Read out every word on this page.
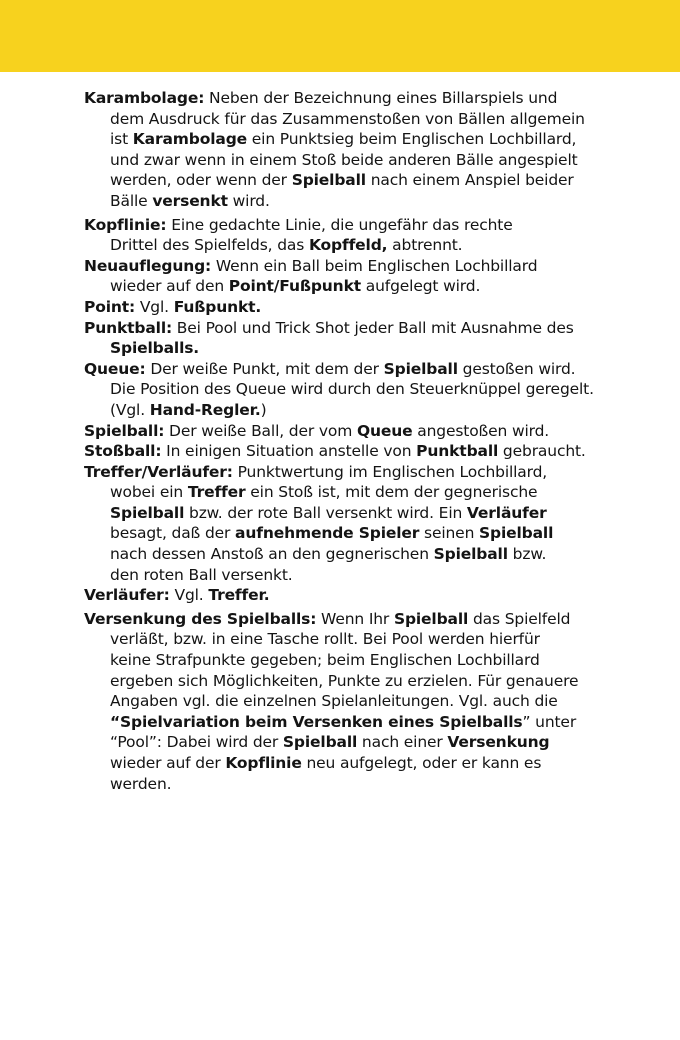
Karambolage: Neben der Bezeichnung eines Billarspiels und
dem Ausdruck für das Zusammenstoßen von Bällen allgemein
ist Karambolage ein Punktsieg beim Englischen Lochbillard,
und zwar wenn in einem Stoß beide anderen Bälle angespielt
werden, oder wenn der Spielball nach einem Anspiel beider
Bälle versenkt wird.

Kopflinie: Eine gedachte Linie, die ungefähr das rechte
Drittel des Spielfelds, das Kopffeld, abtrennt.

Neuauflegung: Wenn ein Ball beim Englischen Lochbillard
wieder auf den Point/Fußpunkt aufgelegt wird.

Point: Vgl. Fußpunkt.

Punktball: Bei Pool und Trick Shot jeder Ball mit Ausnahme des
Spielballs.

Queue: Der weiße Punkt, mit dem der Spielball gestoßen wird.
Die Position des Queue wird durch den Steuerknüppel geregelt.
(Vgl. Hand-Regler.)

Spielball: Der weiße Ball, der vom Queue angestoßen wird.

Stoßball: In einigen Situation anstelle von Punktball gebraucht.

Treffer/Verläufer: Punktwertung im Englischen Lochbillard,
wobei ein Treffer ein Stoß ist, mit dem der gegnerische
Spielball bzw. der rote Ball versenkt wird. Ein Verläufer
besagt, daß der aufnehmende Spieler seinen Spielball
nach dessen Anstoß an den gegnerischen Spielball bzw.
den roten Ball versenkt.

Verläufer: Vgl. Treffer.

Versenkung des Spielballs: Wenn Ihr Spielball das Spielfeld
verläßt, bzw. in eine Tasche rollt. Bei Pool werden hierfür
keine Strafpunkte gegeben; beim Englischen Lochbillard
ergeben sich Möglichkeiten, Punkte zu erzielen. Für genauere
Angaben vgl. die einzelnen Spielanleitungen. Vgl. auch die
“Spielvariation beim Versenken eines Spielballs” unter
“Pool”: Dabei wird der Spielball nach einer Versenkung
wieder auf der Kopflinie neu aufgelegt, oder er kann es
werden.
